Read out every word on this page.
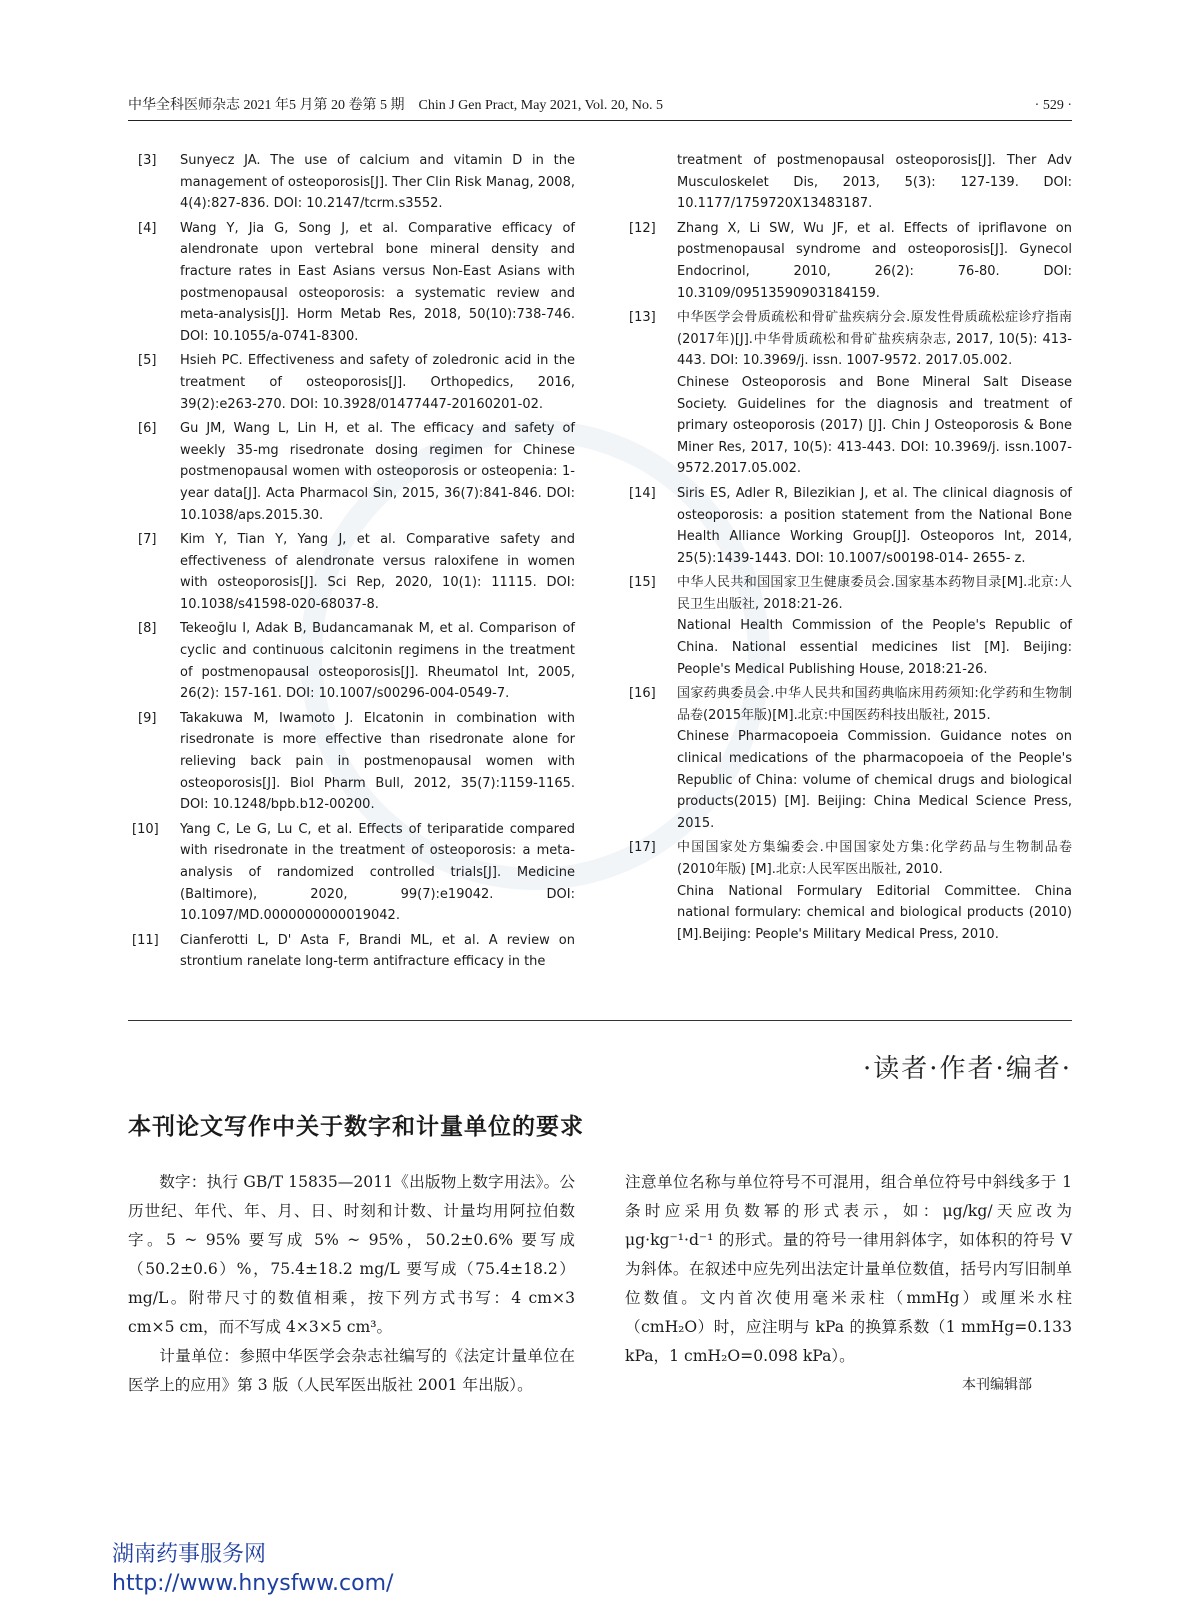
中华全科医师杂志 2021 年5 月第 20 卷第 5 期 Chin J Gen Pract, May 2021, Vol. 20, No. 5	· 529 ·
[3] Sunyecz JA. The use of calcium and vitamin D in the management of osteoporosis[J]. Ther Clin Risk Manag, 2008, 4(4):827-836. DOI: 10.2147/tcrm.s3552.
[4] Wang Y, Jia G, Song J, et al. Comparative efficacy of alendronate upon vertebral bone mineral density and fracture rates in East Asians versus Non-East Asians with postmenopausal osteoporosis: a systematic review and meta-analysis[J]. Horm Metab Res, 2018, 50(10):738-746. DOI: 10.1055/a-0741-8300.
[5] Hsieh PC. Effectiveness and safety of zoledronic acid in the treatment of osteoporosis[J]. Orthopedics, 2016, 39(2):e263-270. DOI: 10.3928/01477447-20160201-02.
[6] Gu JM, Wang L, Lin H, et al. The efficacy and safety of weekly 35-mg risedronate dosing regimen for Chinese postmenopausal women with osteoporosis or osteopenia: 1-year data[J]. Acta Pharmacol Sin, 2015, 36(7):841-846. DOI: 10.1038/aps.2015.30.
[7] Kim Y, Tian Y, Yang J, et al. Comparative safety and effectiveness of alendronate versus raloxifene in women with osteoporosis[J]. Sci Rep, 2020, 10(1): 11115. DOI: 10.1038/s41598-020-68037-8.
[8] Tekeoğlu I, Adak B, Budancamanak M, et al. Comparison of cyclic and continuous calcitonin regimens in the treatment of postmenopausal osteoporosis[J]. Rheumatol Int, 2005, 26(2): 157-161. DOI: 10.1007/s00296-004-0549-7.
[9] Takakuwa M, Iwamoto J. Elcatonin in combination with risedronate is more effective than risedronate alone for relieving back pain in postmenopausal women with osteoporosis[J]. Biol Pharm Bull, 2012, 35(7):1159-1165. DOI: 10.1248/bpb.b12-00200.
[10] Yang C, Le G, Lu C, et al. Effects of teriparatide compared with risedronate in the treatment of osteoporosis: a meta-analysis of randomized controlled trials[J]. Medicine (Baltimore), 2020, 99(7):e19042. DOI: 10.1097/MD.0000000000019042.
[11] Cianferotti L, D' Asta F, Brandi ML, et al. A review on strontium ranelate long-term antifracture efficacy in the
treatment of postmenopausal osteoporosis[J]. Ther Adv Musculoskelet Dis, 2013, 5(3): 127-139. DOI: 10.1177/1759720X13483187.
[12] Zhang X, Li SW, Wu JF, et al. Effects of ipriflavone on postmenopausal syndrome and osteoporosis[J]. Gynecol Endocrinol, 2010, 26(2): 76-80. DOI: 10.3109/09513590903184159.
[13] 中华医学会骨质疏松和骨矿盐疾病分会.原发性骨质疏松症诊疗指南(2017年)[J].中华骨质疏松和骨矿盐疾病杂志, 2017, 10(5): 413-443. DOI: 10.3969/j. issn. 1007-9572. 2017.05.002.
Chinese Osteoporosis and Bone Mineral Salt Disease Society. Guidelines for the diagnosis and treatment of primary osteoporosis (2017) [J]. Chin J Osteoporosis & Bone Miner Res, 2017, 10(5): 413-443. DOI: 10.3969/j. issn.1007-9572.2017.05.002.
[14] Siris ES, Adler R, Bilezikian J, et al. The clinical diagnosis of osteoporosis: a position statement from the National Bone Health Alliance Working Group[J]. Osteoporos Int, 2014, 25(5):1439-1443. DOI: 10.1007/s00198-014- 2655- z.
[15] 中华人民共和国国家卫生健康委员会.国家基本药物目录[M].北京:人民卫生出版社, 2018:21-26.
National Health Commission of the People's Republic of China. National essential medicines list [M]. Beijing: People's Medical Publishing House, 2018:21-26.
[16] 国家药典委员会.中华人民共和国药典临床用药须知:化学药和生物制品卷(2015年版)[M].北京:中国医药科技出版社, 2015.
Chinese Pharmacopoeia Commission. Guidance notes on clinical medications of the pharmacopoeia of the People's Republic of China: volume of chemical drugs and biological products(2015) [M]. Beijing: China Medical Science Press, 2015.
[17] 中国国家处方集编委会.中国国家处方集:化学药品与生物制品卷(2010年版) [M].北京:人民军医出版社, 2010.
China National Formulary Editorial Committee. China national formulary: chemical and biological products (2010)[M].Beijing: People's Military Medical Press, 2010.
·读者·作者·编者·
本刊论文写作中关于数字和计量单位的要求

数字：执行 GB/T 15835—2011《出版物上数字用法》。公历世纪、年代、年、月、日、时刻和计数、计量均用阿拉伯数字。5 ~ 95% 要写成 5% ~ 95%，50.2±0.6% 要写成（50.2±0.6）%，75.4±18.2 mg/L 要写成（75.4±18.2）mg/L。附带尺寸的数值相乘，按下列方式书写：4 cm×3 cm×5 cm，而不写成 4×3×5 cm³。

计量单位：参照中华医学会杂志社编写的《法定计量单位在医学上的应用》第 3 版（人民军医出版社 2001 年出版）。

注意单位名称与单位符号不可混用，组合单位符号中斜线多于 1 条时应采用负数幂的形式表示，如：μg/kg/天应改为 μg·kg⁻¹·d⁻¹ 的形式。量的符号一律用斜体字，如体积的符号 V 为斜体。在叙述中应先列出法定计量单位数值，括号内写旧制单位数值。文内首次使用毫米汞柱（mmHg）或厘米水柱（cmH₂O）时，应注明与 kPa 的换算系数（1 mmHg=0.133 kPa，1 cmH₂O=0.098 kPa）。

本刊编辑部
湖南药事服务网
http://www.hnysfww.com/
